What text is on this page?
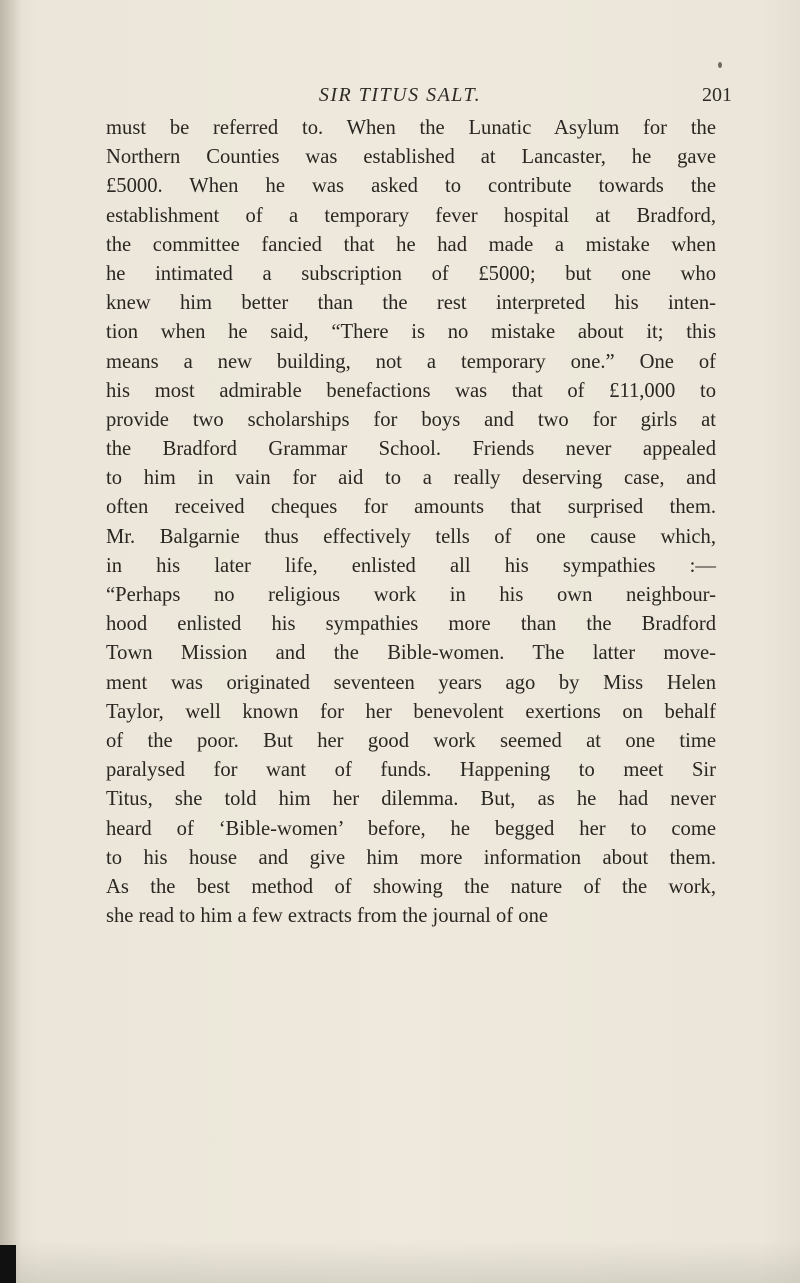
SIR TITUS SALT.	201
must be referred to. When the Lunatic Asylum for the
Northern Counties was established at Lancaster, he gave
£5000. When he was asked to contribute towards the
establishment of a temporary fever hospital at Bradford,
the committee fancied that he had made a mistake when
he intimated a subscription of £5000; but one who
knew him better than the rest interpreted his inten-
tion when he said, “There is no mistake about it; this
means a new building, not a temporary one.” One of
his most admirable benefactions was that of £11,000 to
provide two scholarships for boys and two for girls at
the Bradford Grammar School. Friends never appealed
to him in vain for aid to a really deserving case, and
often received cheques for amounts that surprised them.
Mr. Balgarnie thus effectively tells of one cause which,
in his later life, enlisted all his sympathies :—
“Perhaps no religious work in his own neighbour-
hood enlisted his sympathies more than the Bradford
Town Mission and the Bible-women. The latter move-
ment was originated seventeen years ago by Miss Helen
Taylor, well known for her benevolent exertions on behalf
of the poor. But her good work seemed at one time
paralysed for want of funds. Happening to meet Sir
Titus, she told him her dilemma. But, as he had never
heard of ‘Bible-women’ before, he begged her to come
to his house and give him more information about them.
As the best method of showing the nature of the work,
she read to him a few extracts from the journal of one
